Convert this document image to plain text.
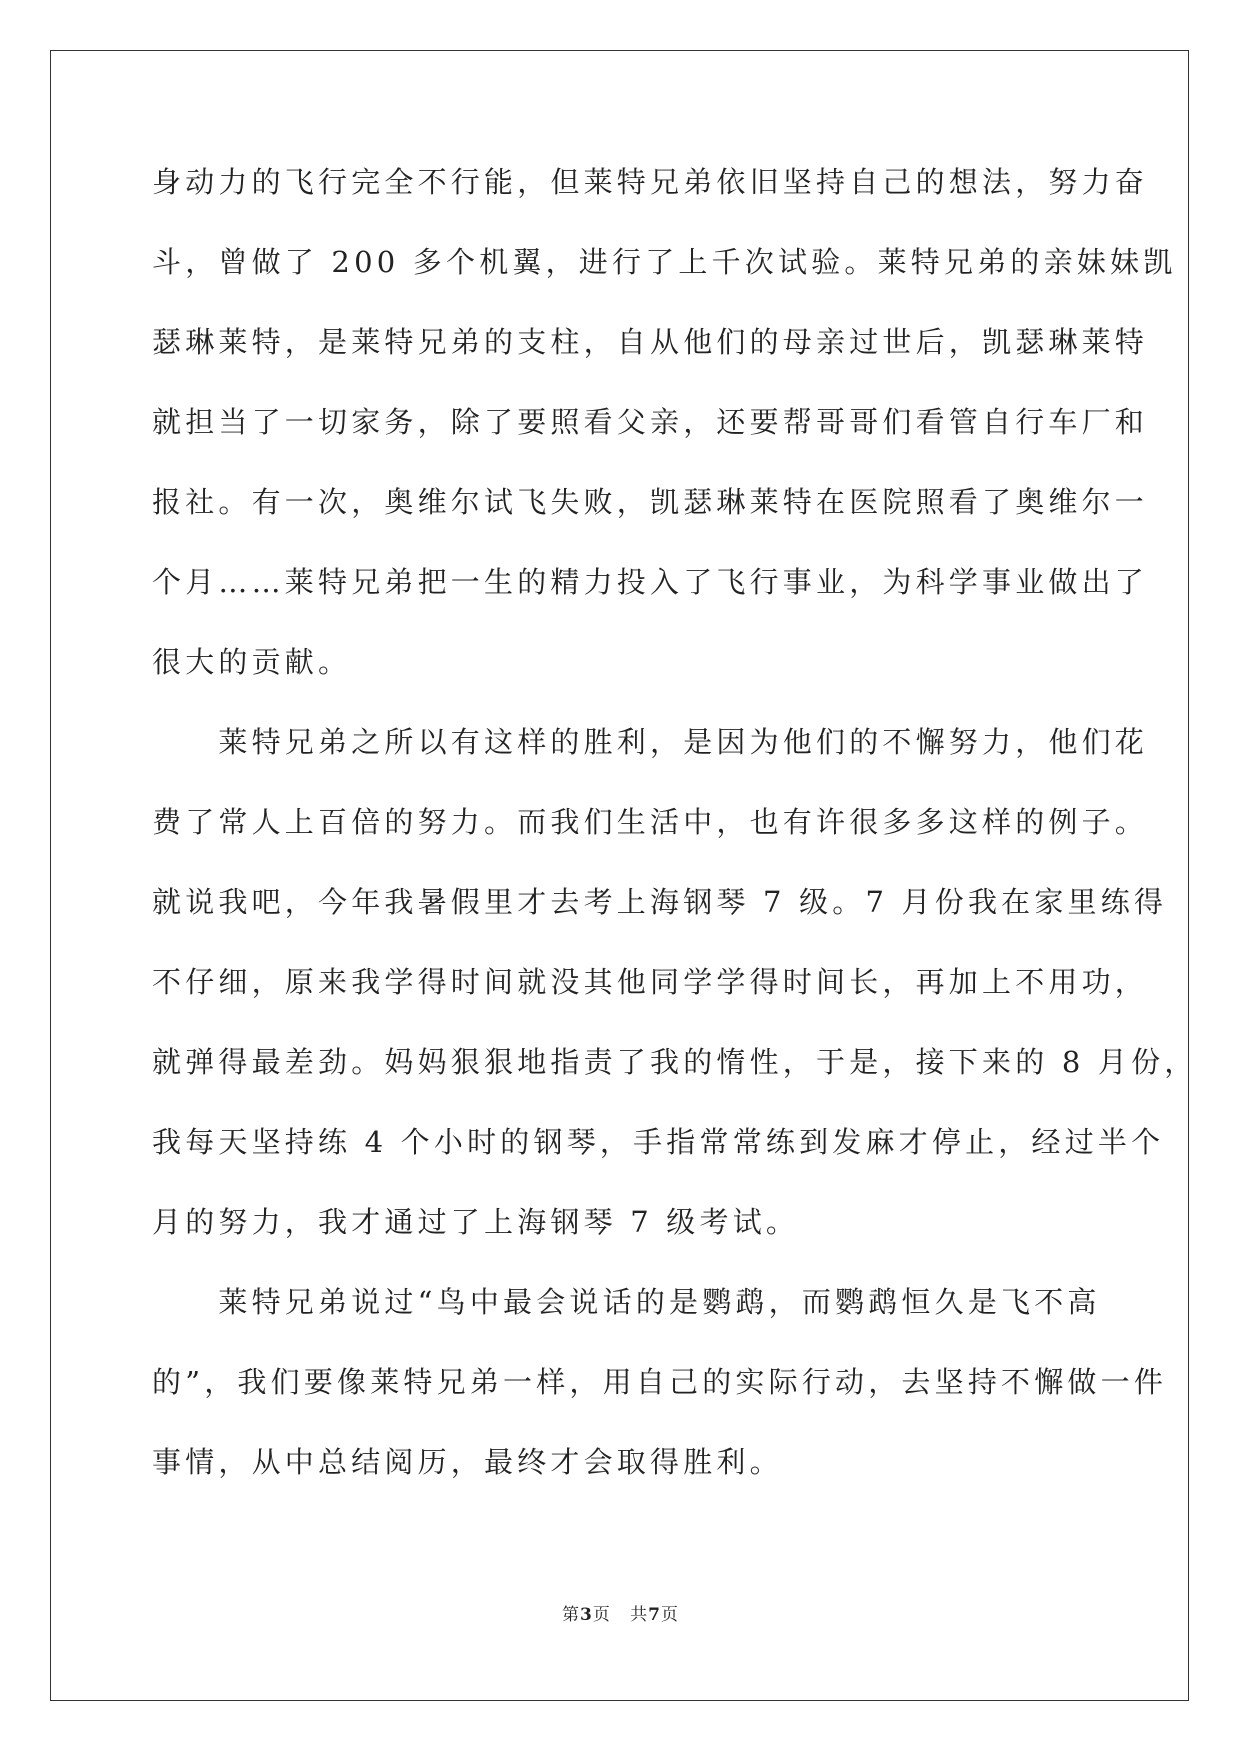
身动力的飞行完全不行能，但莱特兄弟依旧坚持自己的想法，努力奋
斗，曾做了 200 多个机翼，进行了上千次试验。莱特兄弟的亲妹妹凯
瑟琳莱特，是莱特兄弟的支柱，自从他们的母亲过世后，凯瑟琳莱特
就担当了一切家务，除了要照看父亲，还要帮哥哥们看管自行车厂和
报社。有一次，奥维尔试飞失败，凯瑟琳莱特在医院照看了奥维尔一
个月……莱特兄弟把一生的精力投入了飞行事业，为科学事业做出了
很大的贡献。
　　莱特兄弟之所以有这样的胜利，是因为他们的不懈努力，他们花
费了常人上百倍的努力。而我们生活中，也有许很多多这样的例子。
就说我吧，今年我暑假里才去考上海钢琴 7 级。7 月份我在家里练得
不仔细，原来我学得时间就没其他同学学得时间长，再加上不用功，
就弹得最差劲。妈妈狠狠地指责了我的惰性，于是，接下来的 8 月份，
我每天坚持练 4 个小时的钢琴，手指常常练到发麻才停止，经过半个
月的努力，我才通过了上海钢琴 7 级考试。
　　莱特兄弟说过“鸟中最会说话的是鹦鹉，而鹦鹉恒久是飞不高
的”，我们要像莱特兄弟一样，用自己的实际行动，去坚持不懈做一件
事情，从中总结阅历，最终才会取得胜利。
第3页 共7页
